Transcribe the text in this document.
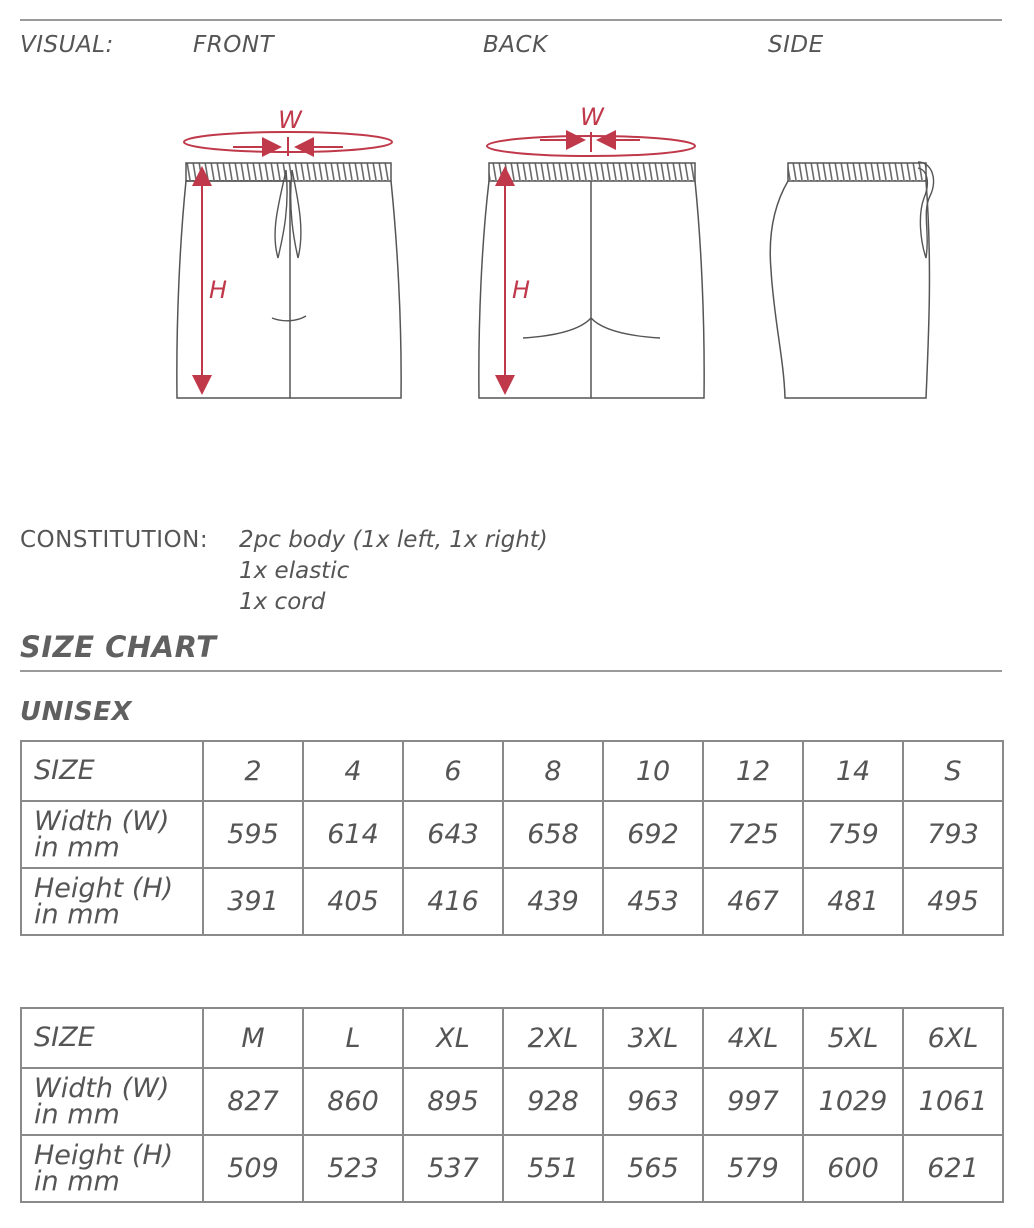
VISUAL:	FRONT	BACK	SIDE
W
H
W
H
CONSTITUTION: 2pc body (1x left, 1x right)
1x elastic
1x cord
SIZE CHART
UNISEX
SIZE	2	4	6	8	10	12	14	S

Width (W)
in mm	595	614	643	658	692	725	759	793

Height (H)
in mm	391	405	416	439	453	467	481	495
SIZE	M	L	XL	2XL	3XL	4XL	5XL	6XL

Width (W)
in mm	827	860	895	928	963	997	1029	1061

Height (H)
in mm	509	523	537	551	565	579	600	621
